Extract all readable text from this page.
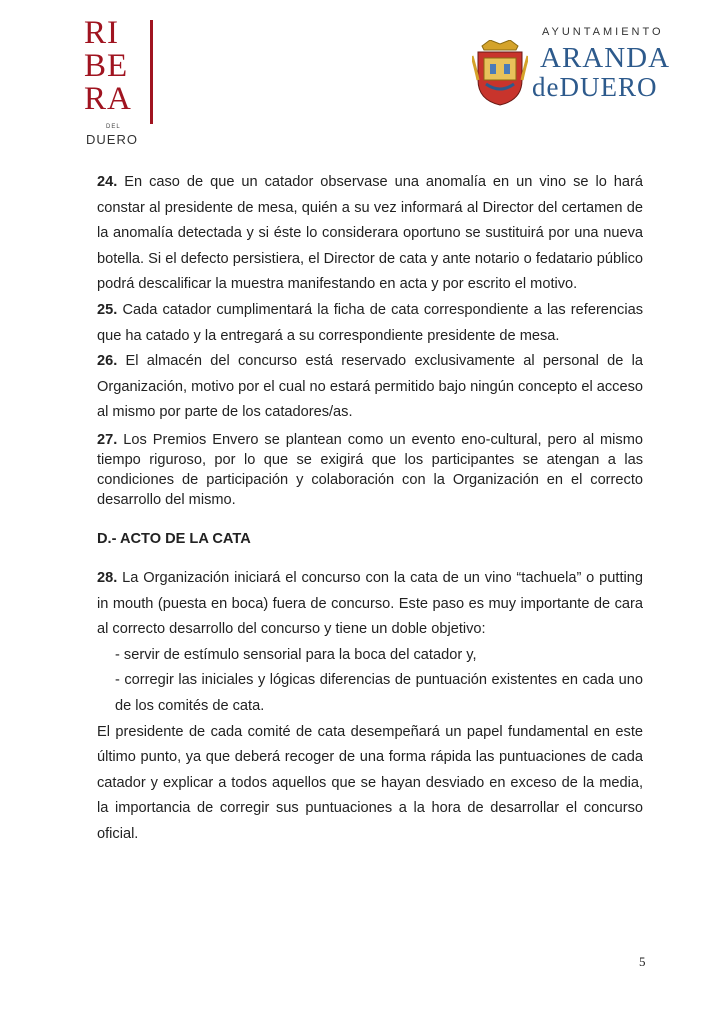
RI
BE
RA
DEL
DUERO
AYUNTAMIENTO
ARANDA
deDUERO

24. En caso de que un catador observase una anomalía en un vino se lo hará constar al presidente de mesa, quién a su vez informará al Director del certamen de la anomalía detectada y si éste lo considerara oportuno se sustituirá por una nueva botella. Si el defecto persistiera, el Director de cata y ante notario o fedatario público podrá descalificar la muestra manifestando en acta y por escrito el motivo.

25. Cada catador cumplimentará la ficha de cata correspondiente a las referencias que ha catado y la entregará a su correspondiente presidente de mesa.

26. El almacén del concurso está reservado exclusivamente al personal de la Organización, motivo por el cual no estará permitido bajo ningún concepto el acceso al mismo por parte de los catadores/as.

27. Los Premios Envero se plantean como un evento eno-cultural, pero al mismo tiempo riguroso, por lo que se exigirá que los participantes se atengan a las condiciones de participación y colaboración con la Organización en el correcto desarrollo del mismo.

D.- ACTO DE LA CATA

28. La Organización iniciará el concurso con la cata de un vino “tachuela” o putting in mouth (puesta en boca) fuera de concurso. Este paso es muy importante de cara al correcto desarrollo del concurso y tiene un doble objetivo:

- servir de estímulo sensorial para la boca del catador y,

- corregir las iniciales y lógicas diferencias de puntuación existentes en cada uno de los comités de cata.

El presidente de cada comité de cata desempeñará un papel fundamental en este último punto, ya que deberá recoger de una forma rápida las puntuaciones de cada catador y explicar a todos aquellos que se hayan desviado en exceso de la media, la importancia de corregir sus puntuaciones a la hora de desarrollar el concurso oficial.

5
